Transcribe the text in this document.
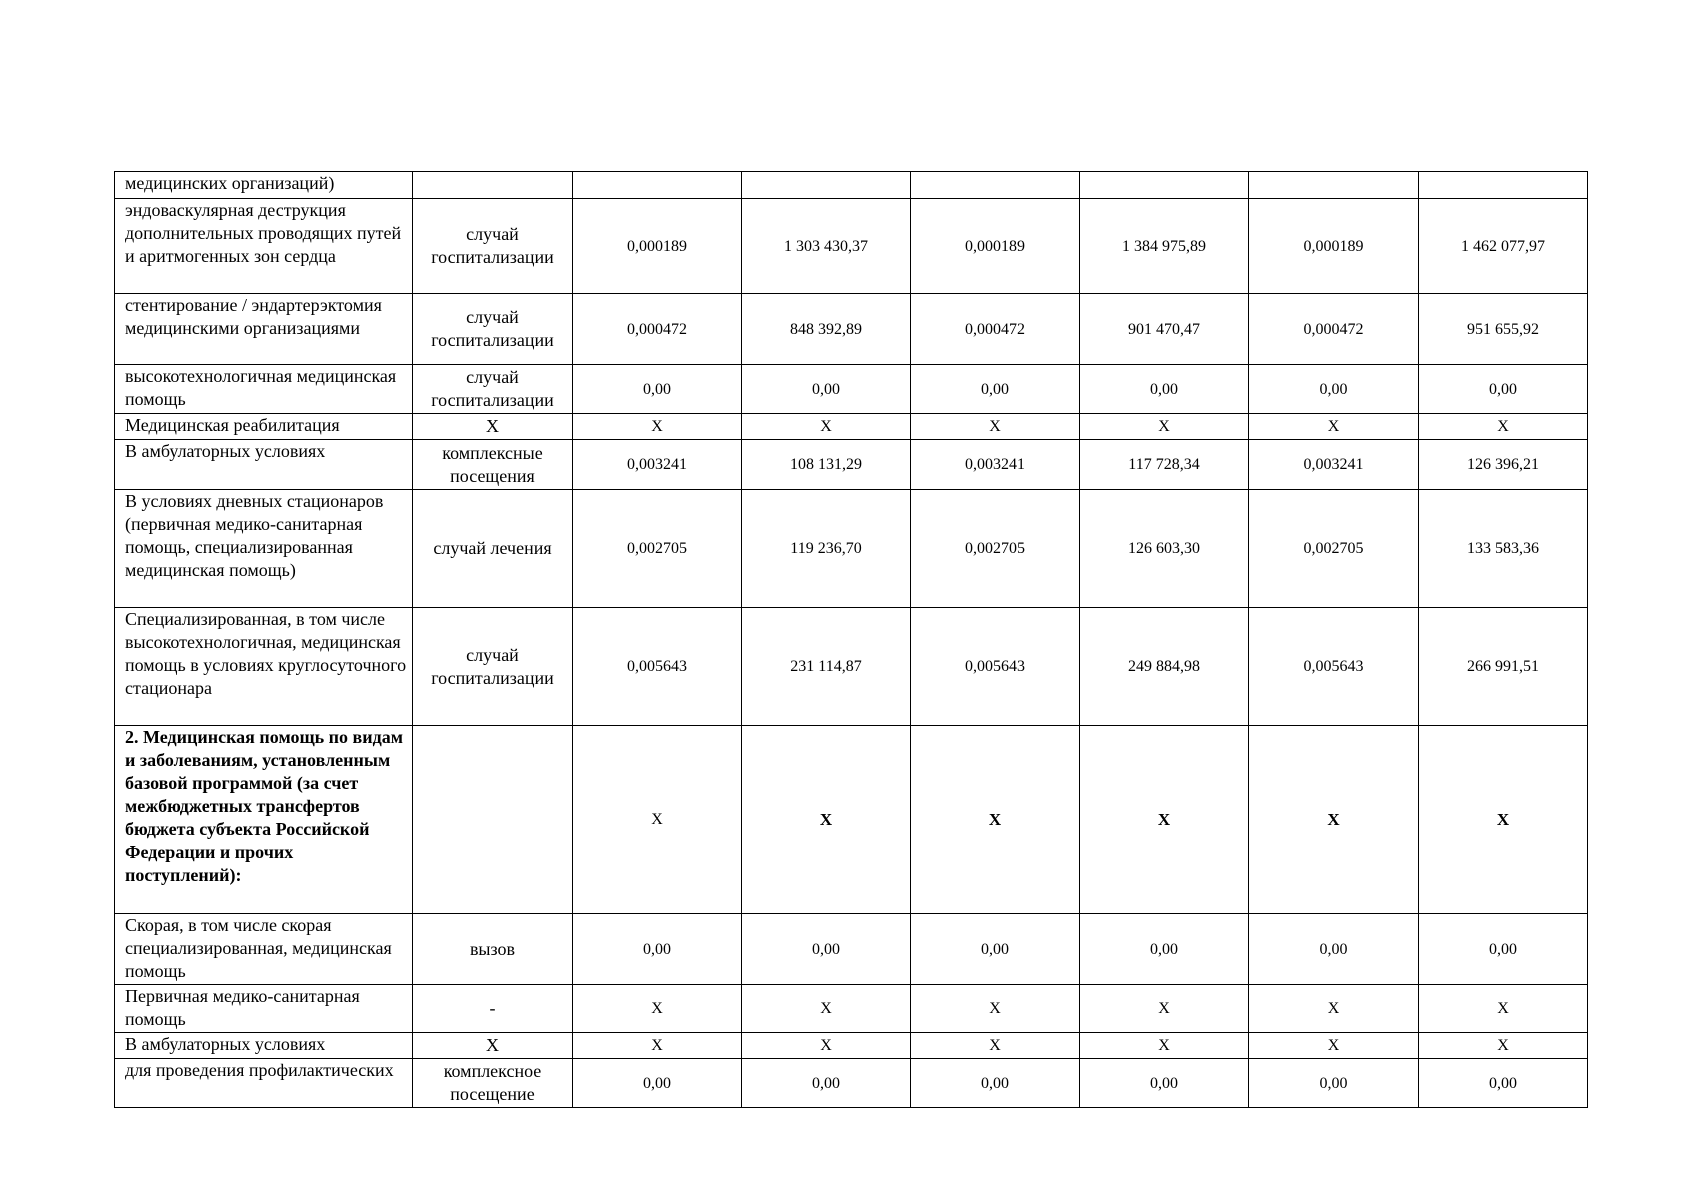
медицинских организаций)							
эндоваскулярная деструкция дополнительных проводящих путей и аритмогенных зон сердца	случай госпитализации	0,000189	1 303 430,37	0,000189	1 384 975,89	0,000189	1 462 077,97
стентирование / эндартерэктомия медицинскими организациями	случай госпитализации	0,000472	848 392,89	0,000472	901 470,47	0,000472	951 655,92
высокотехнологичная медицинская помощь	случай госпитализации	0,00	0,00	0,00	0,00	0,00	0,00
Медицинская реабилитация	X	X	X	X	X	X	X
В амбулаторных условиях	комплексные посещения	0,003241	108 131,29	0,003241	117 728,34	0,003241	126 396,21
В условиях дневных стационаров (первичная медико-санитарная помощь, специализированная медицинская помощь)	случай лечения	0,002705	119 236,70	0,002705	126 603,30	0,002705	133 583,36
Специализированная, в том числе высокотехнологичная, медицинская помощь в условиях круглосуточного стационара	случай госпитализации	0,005643	231 114,87	0,005643	249 884,98	0,005643	266 991,51
2. Медицинская помощь по видам и заболеваниям, установленным базовой программой (за счет межбюджетных трансфертов бюджета субъекта Российской Федерации и прочих поступлений):		X	X	X	X	X	X
Скорая, в том числе скорая специализированная, медицинская помощь	вызов	0,00	0,00	0,00	0,00	0,00	0,00
Первичная медико-санитарная помощь	-	X	X	X	X	X	X
В амбулаторных условиях	X	X	X	X	X	X	X
для проведения профилактических	комплексное посещение	0,00	0,00	0,00	0,00	0,00	0,00
